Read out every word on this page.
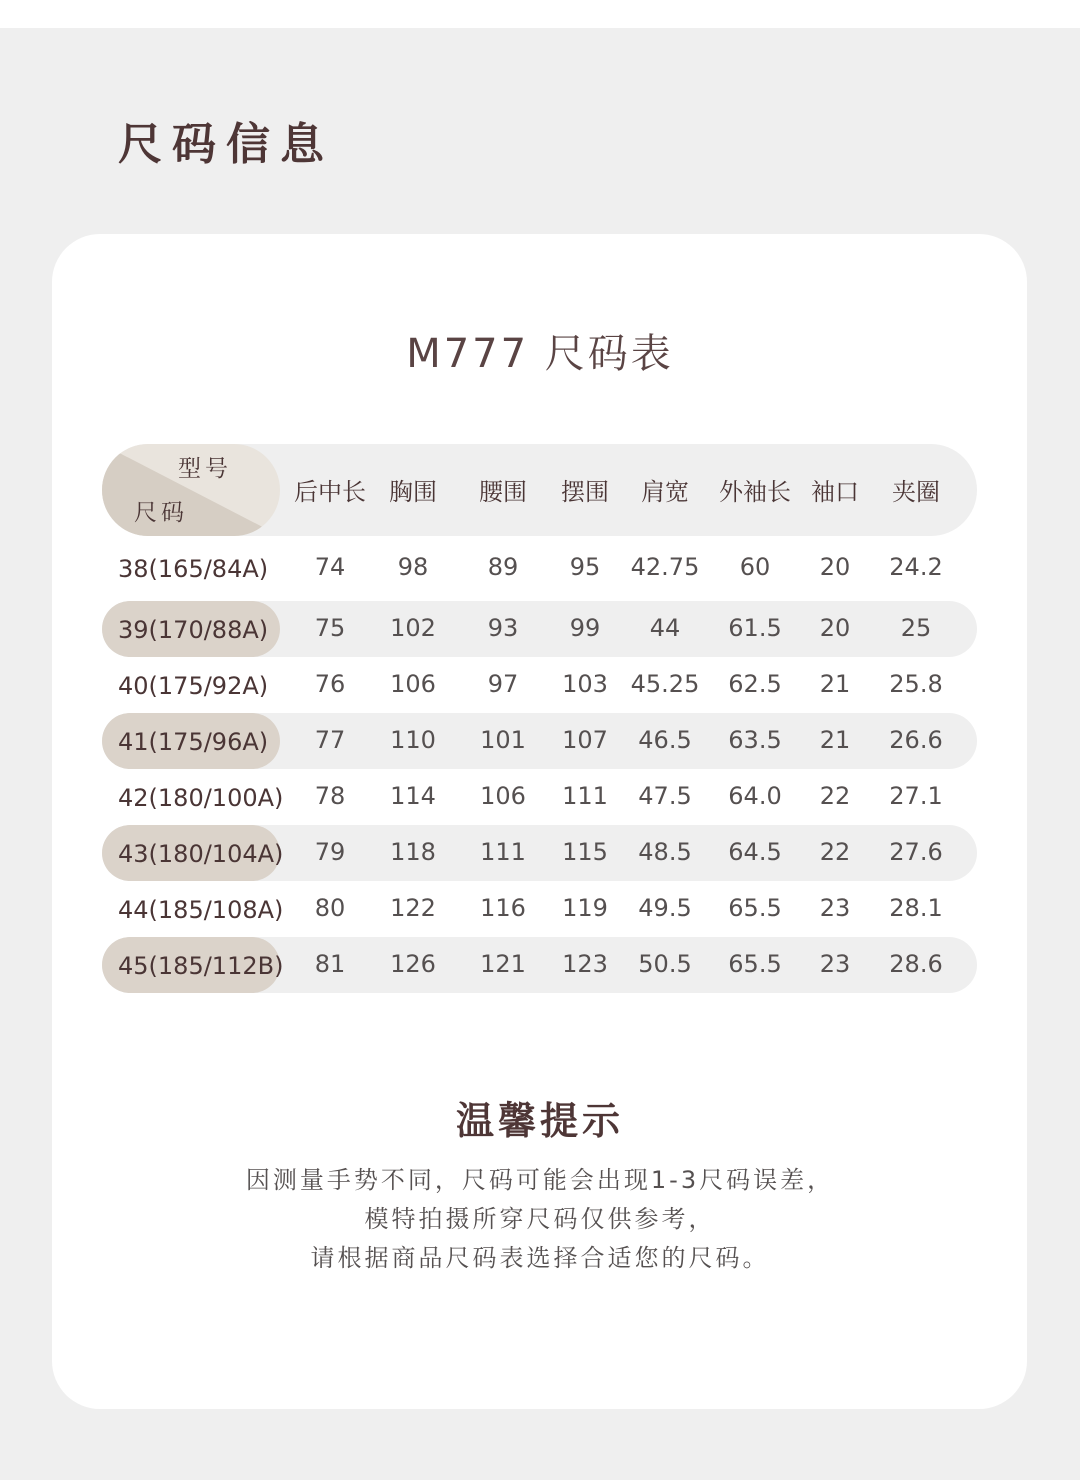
尺码信息
M777 尺码表
型号
尺码
后中长 胸围 腰围 摆围 肩宽 外袖长 袖口 夹圈
38(165/84A) 74 98 89 95 42.75 60 20 24.2
39(170/88A) 75 102 93 99 44 61.5 20 25
40(175/92A) 76 106 97 103 45.25 62.5 21 25.8
41(175/96A) 77 110 101 107 46.5 63.5 21 26.6
42(180/100A) 78 114 106 111 47.5 64.0 22 27.1
43(180/104A) 79 118 111 115 48.5 64.5 22 27.6
44(185/108A) 80 122 116 119 49.5 65.5 23 28.1
45(185/112B) 81 126 121 123 50.5 65.5 23 28.6
温馨提示
因测量手势不同，尺码可能会出现1-3尺码误差，
模特拍摄所穿尺码仅供参考，
请根据商品尺码表选择合适您的尺码。
